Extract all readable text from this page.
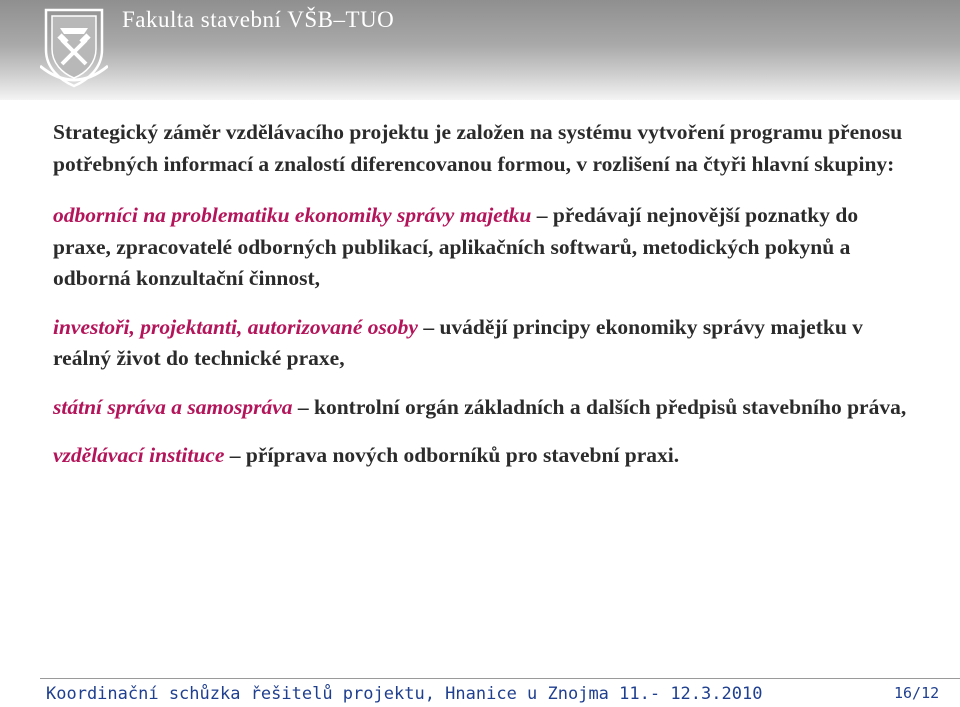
Fakulta stavební VŠB–TUO

Strategický záměr vzdělávacího projektu je založen na systému vytvoření programu přenosu potřebných informací a znalostí diferencovanou formou, v rozlišení na čtyři hlavní skupiny:

odborníci na problematiku ekonomiky správy majetku – předávají nejnovější poznatky do praxe, zpracovatelé odborných publikací, aplikačních softwarů, metodických pokynů a odborná konzultační činnost,

investoři, projektanti, autorizované osoby – uvádějí principy ekonomiky správy majetku v reálný život do technické praxe,

státní správa a samospráva – kontrolní orgán základních a dalších předpisů stavebního práva,

vzdělávací instituce – příprava nových odborníků pro stavební praxi.

Koordinační schůzka řešitelů projektu, Hnanice u Znojma 11.- 12.3.2010	16/12
